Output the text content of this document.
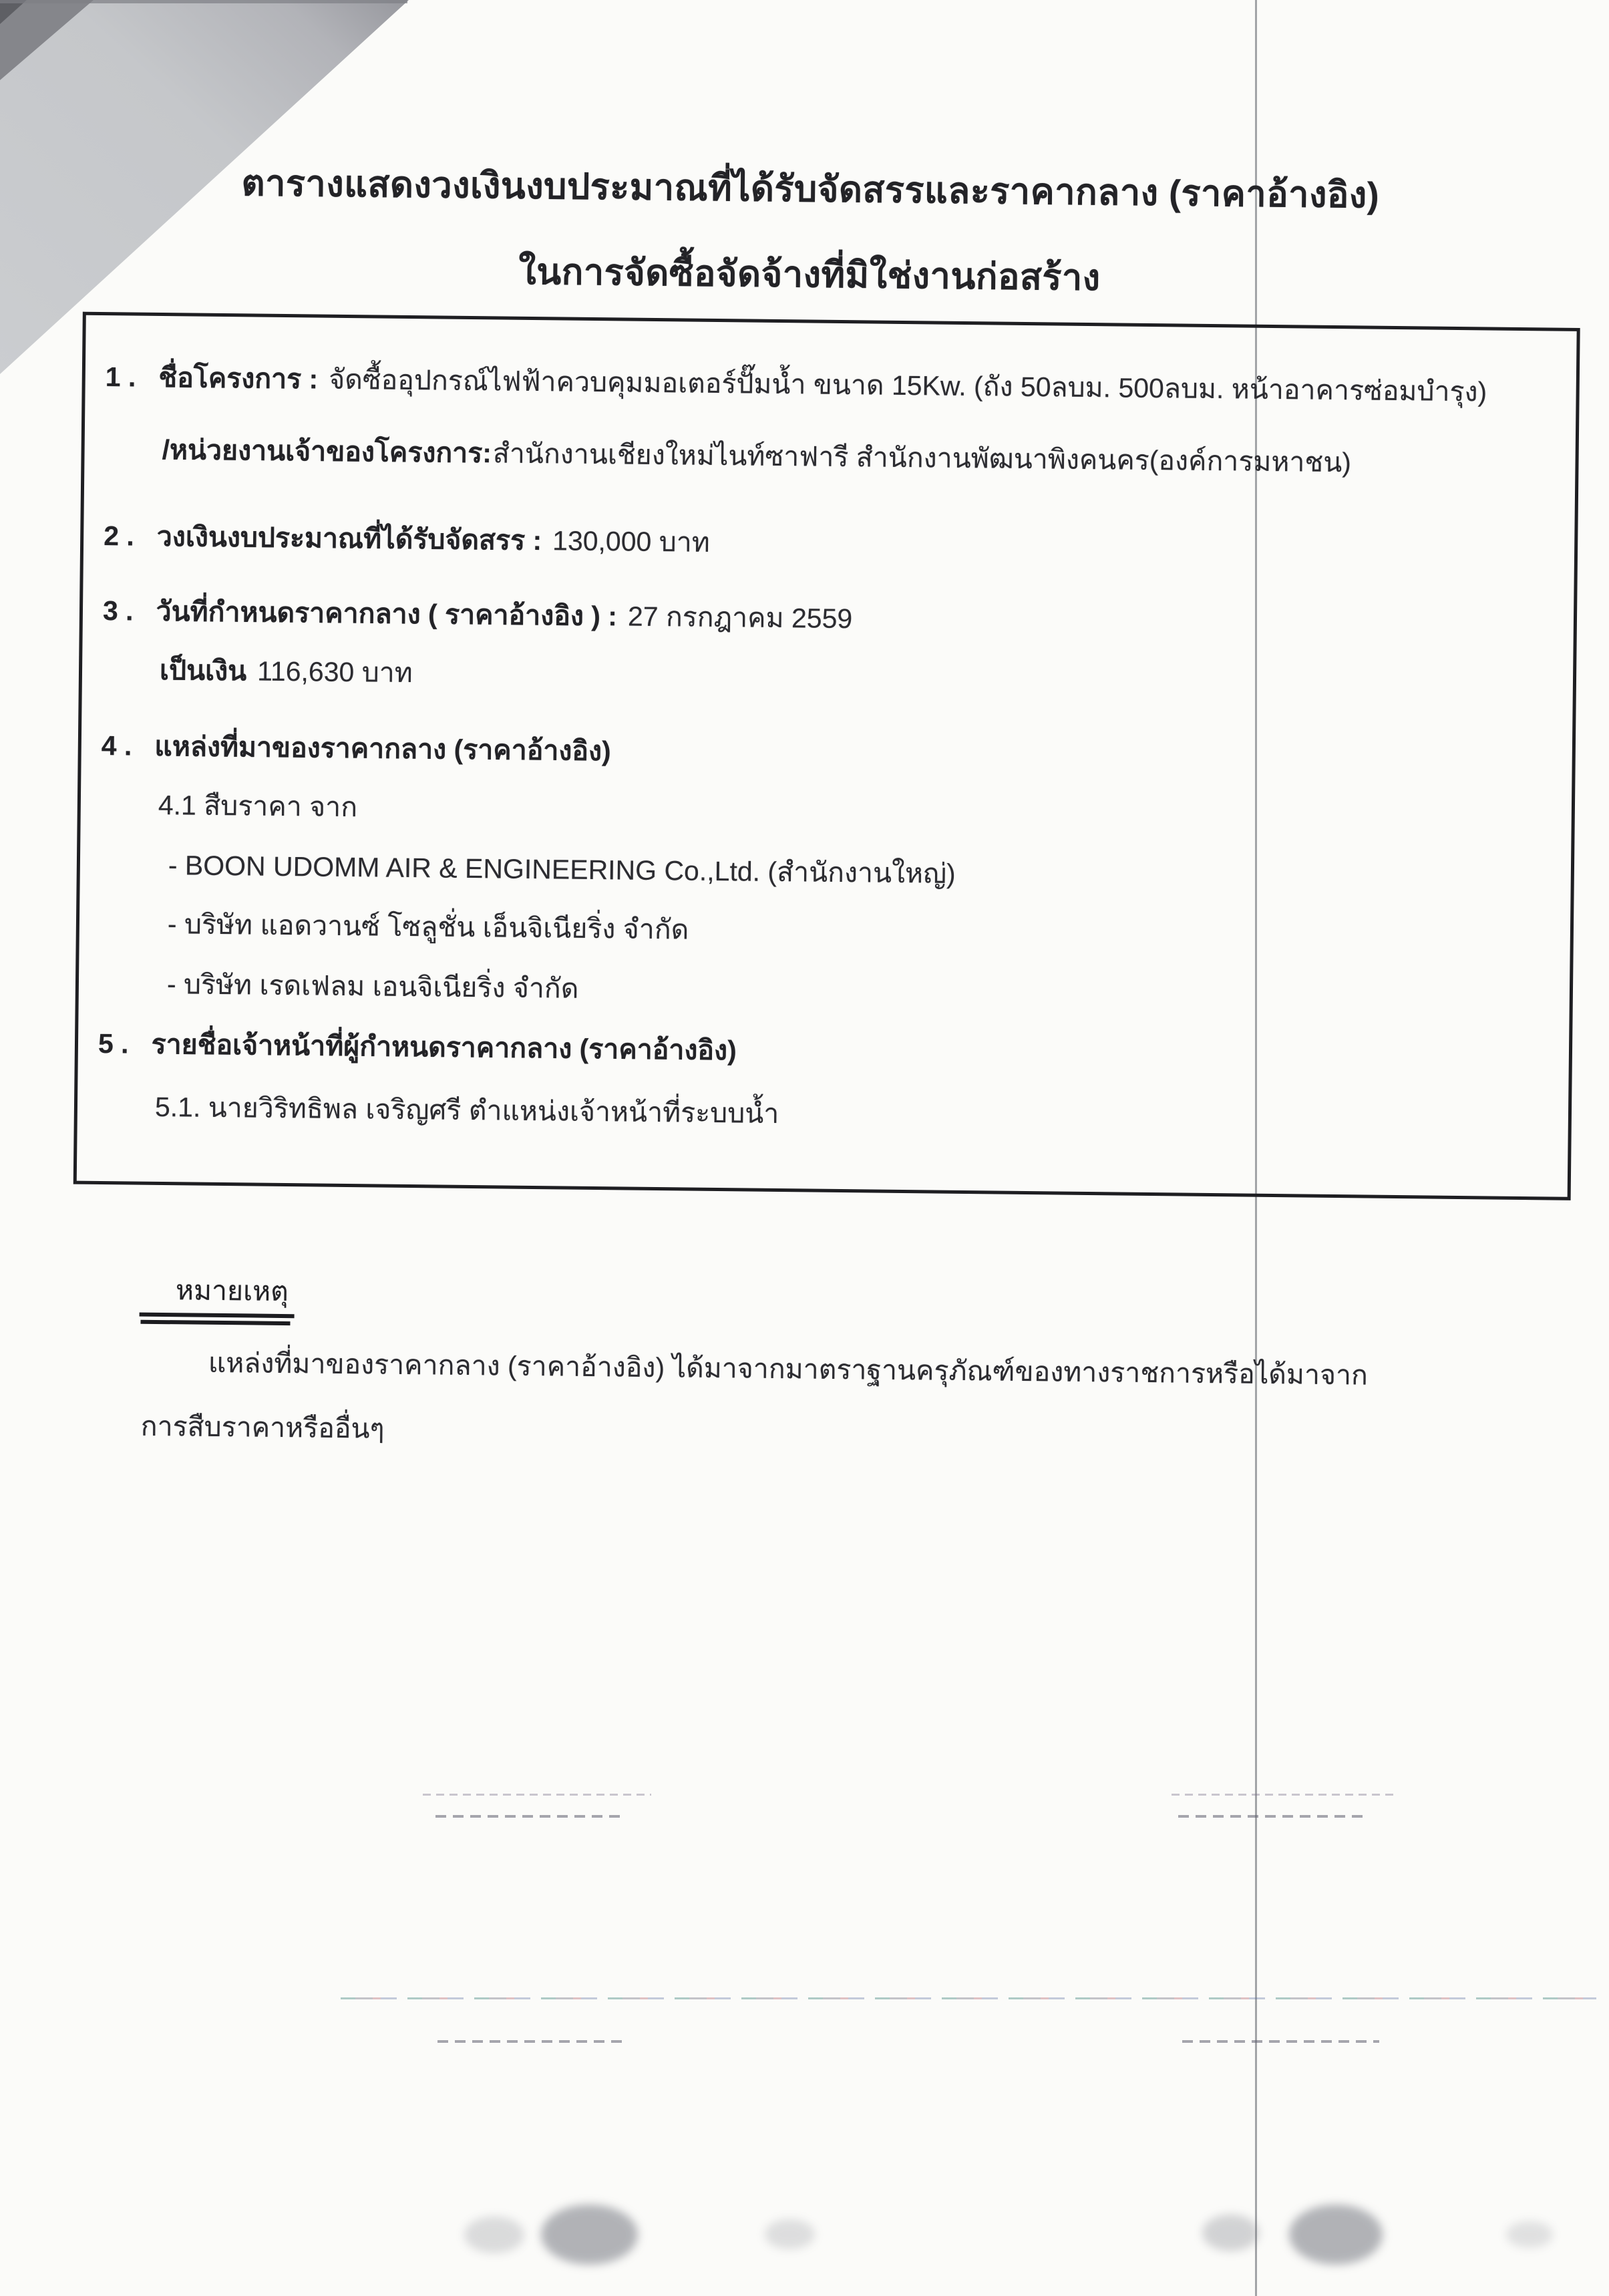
ตารางแสดงวงเงินงบประมาณที่ได้รับจัดสรรและราคากลาง (ราคาอ้างอิง)
ในการจัดซื้อจัดจ้างที่มิใช่งานก่อสร้าง
1 . ชื่อโครงการ : จัดซื้ออุปกรณ์ไฟฟ้าควบคุมมอเตอร์ปั๊มน้ำ ขนาด 15Kw. (ถัง 50ลบม. 500ลบม. หน้าอาคารซ่อมบำรุง)
/หน่วยงานเจ้าของโครงการ:สำนักงานเชียงใหม่ไนท์ซาฟารี สำนักงานพัฒนาพิงคนคร(องค์การมหาชน)
2 . วงเงินงบประมาณที่ได้รับจัดสรร : 130,000 บาท
3 . วันที่กำหนดราคากลาง ( ราคาอ้างอิง ) : 27 กรกฎาคม 2559
เป็นเงิน 116,630 บาท
4 . แหล่งที่มาของราคากลาง (ราคาอ้างอิง)
4.1 สืบราคา จาก
- BOON UDOMM AIR & ENGINEERING Co.,Ltd. (สำนักงานใหญ่)
- บริษัท แอดวานซ์ โซลูชั่น เอ็นจิเนียริ่ง จำกัด
- บริษัท เรดเฟลม เอนจิเนียริ่ง จำกัด
5 . รายชื่อเจ้าหน้าที่ผู้กำหนดราคากลาง (ราคาอ้างอิง)
5.1. นายวิริทธิพล เจริญศรี ตำแหน่งเจ้าหน้าที่ระบบน้ำ
หมายเหตุ
แหล่งที่มาของราคากลาง (ราคาอ้างอิง) ได้มาจากมาตราฐานครุภัณฑ์ของทางราชการหรือได้มาจาก
การสืบราคาหรืออื่นๆ
